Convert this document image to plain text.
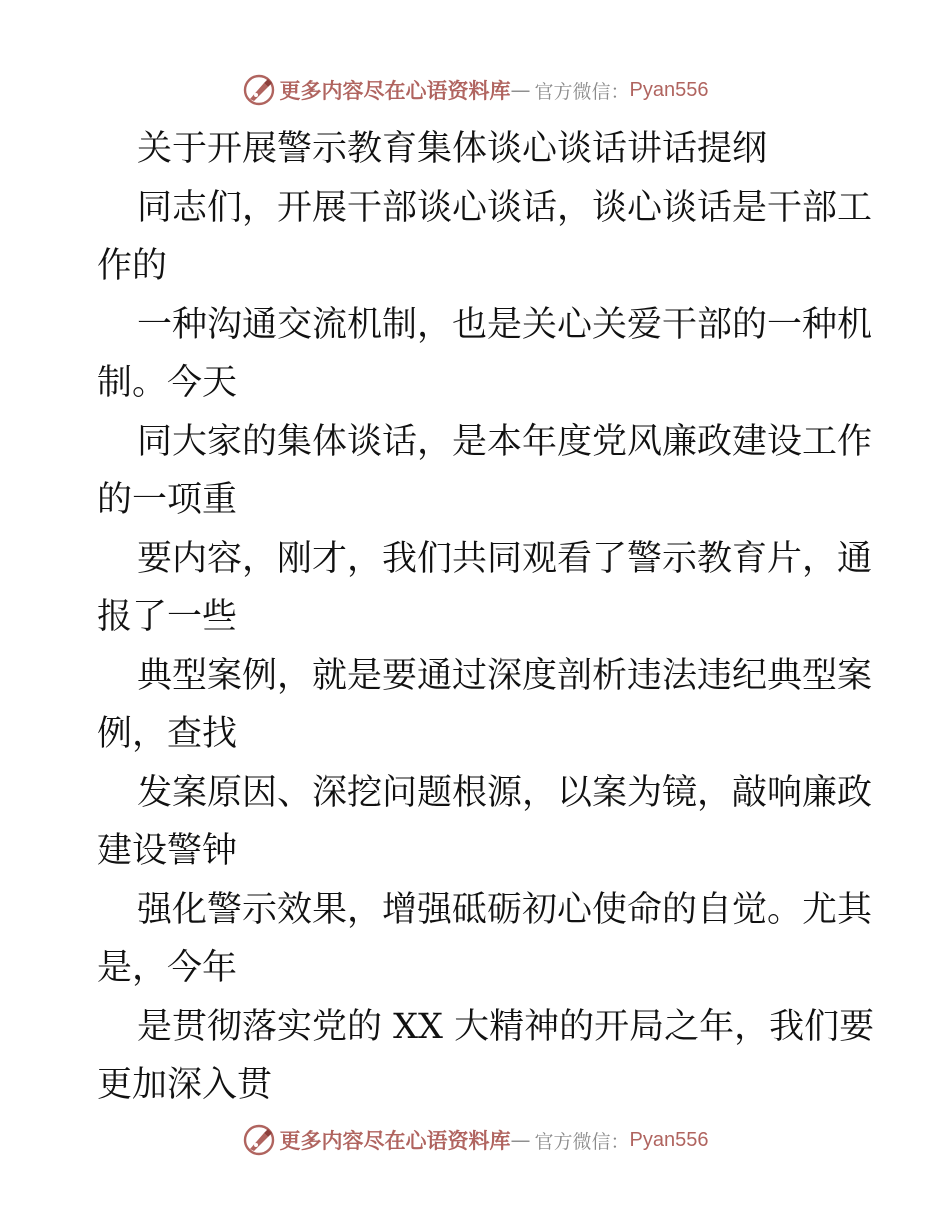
更多内容尽在心语资料库 — 官方微信： Pyan556
关于开展警示教育集体谈心谈话讲话提纲
同志们，开展干部谈心谈话，谈心谈话是干部工
作的
一种沟通交流机制，也是关心关爱干部的一种机
制。今天
同大家的集体谈话，是本年度党风廉政建设工作
的一项重
要内容，刚才，我们共同观看了警示教育片，通
报了一些
典型案例，就是要通过深度剖析违法违纪典型案
例，查找
发案原因、深挖问题根源，以案为镜，敲响廉政
建设警钟
强化警示效果，增强砥砺初心使命的自觉。尤其
是，今年
是贯彻落实党的 XX 大精神的开局之年，我们要
更加深入贯
更多内容尽在心语资料库 — 官方微信： Pyan556
